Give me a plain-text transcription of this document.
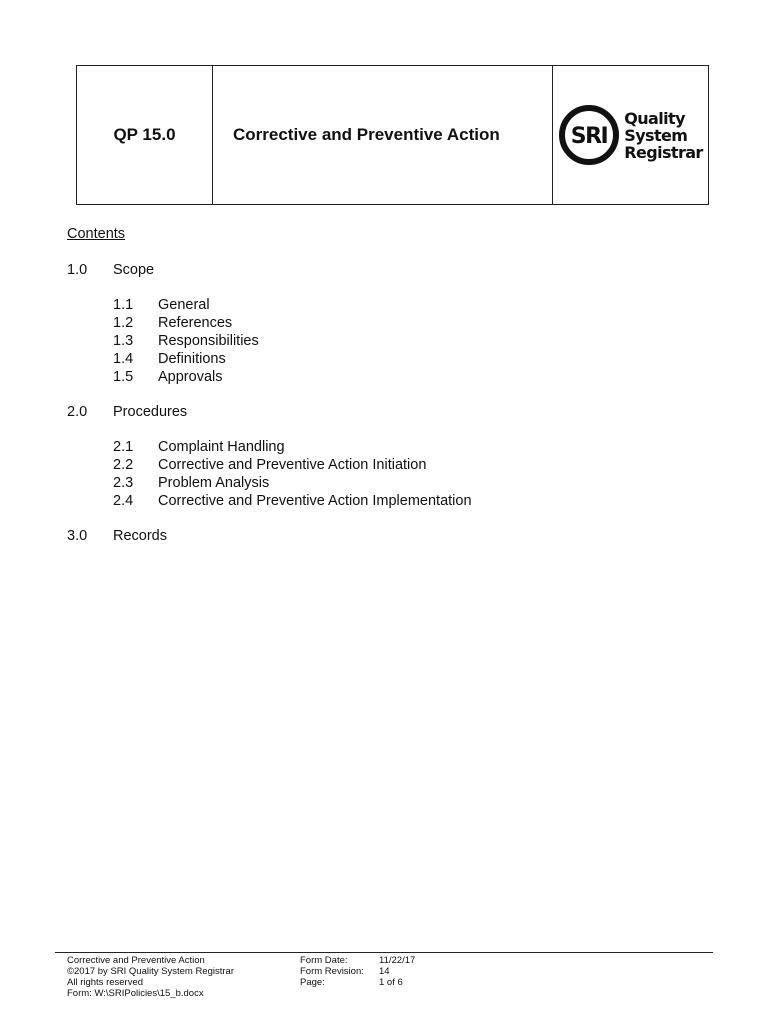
QP 15.0	Corrective and Preventive Action	SRI
Quality
System
Registrar
Contents
1.0	Scope
1.1	General
1.2	References
1.3	Responsibilities
1.4	Definitions
1.5	Approvals
2.0	Procedures
2.1	Complaint Handling
2.2	Corrective and Preventive Action Initiation
2.3	Problem Analysis
2.4	Corrective and Preventive Action Implementation
3.0	Records
Corrective and Preventive Action
©2017 by SRI Quality System Registrar
All rights reserved
Form: W:\SRIPolicies\15_b.docx
Form Date:
Form Revision:
Page:
11/22/17
14
1 of 6
